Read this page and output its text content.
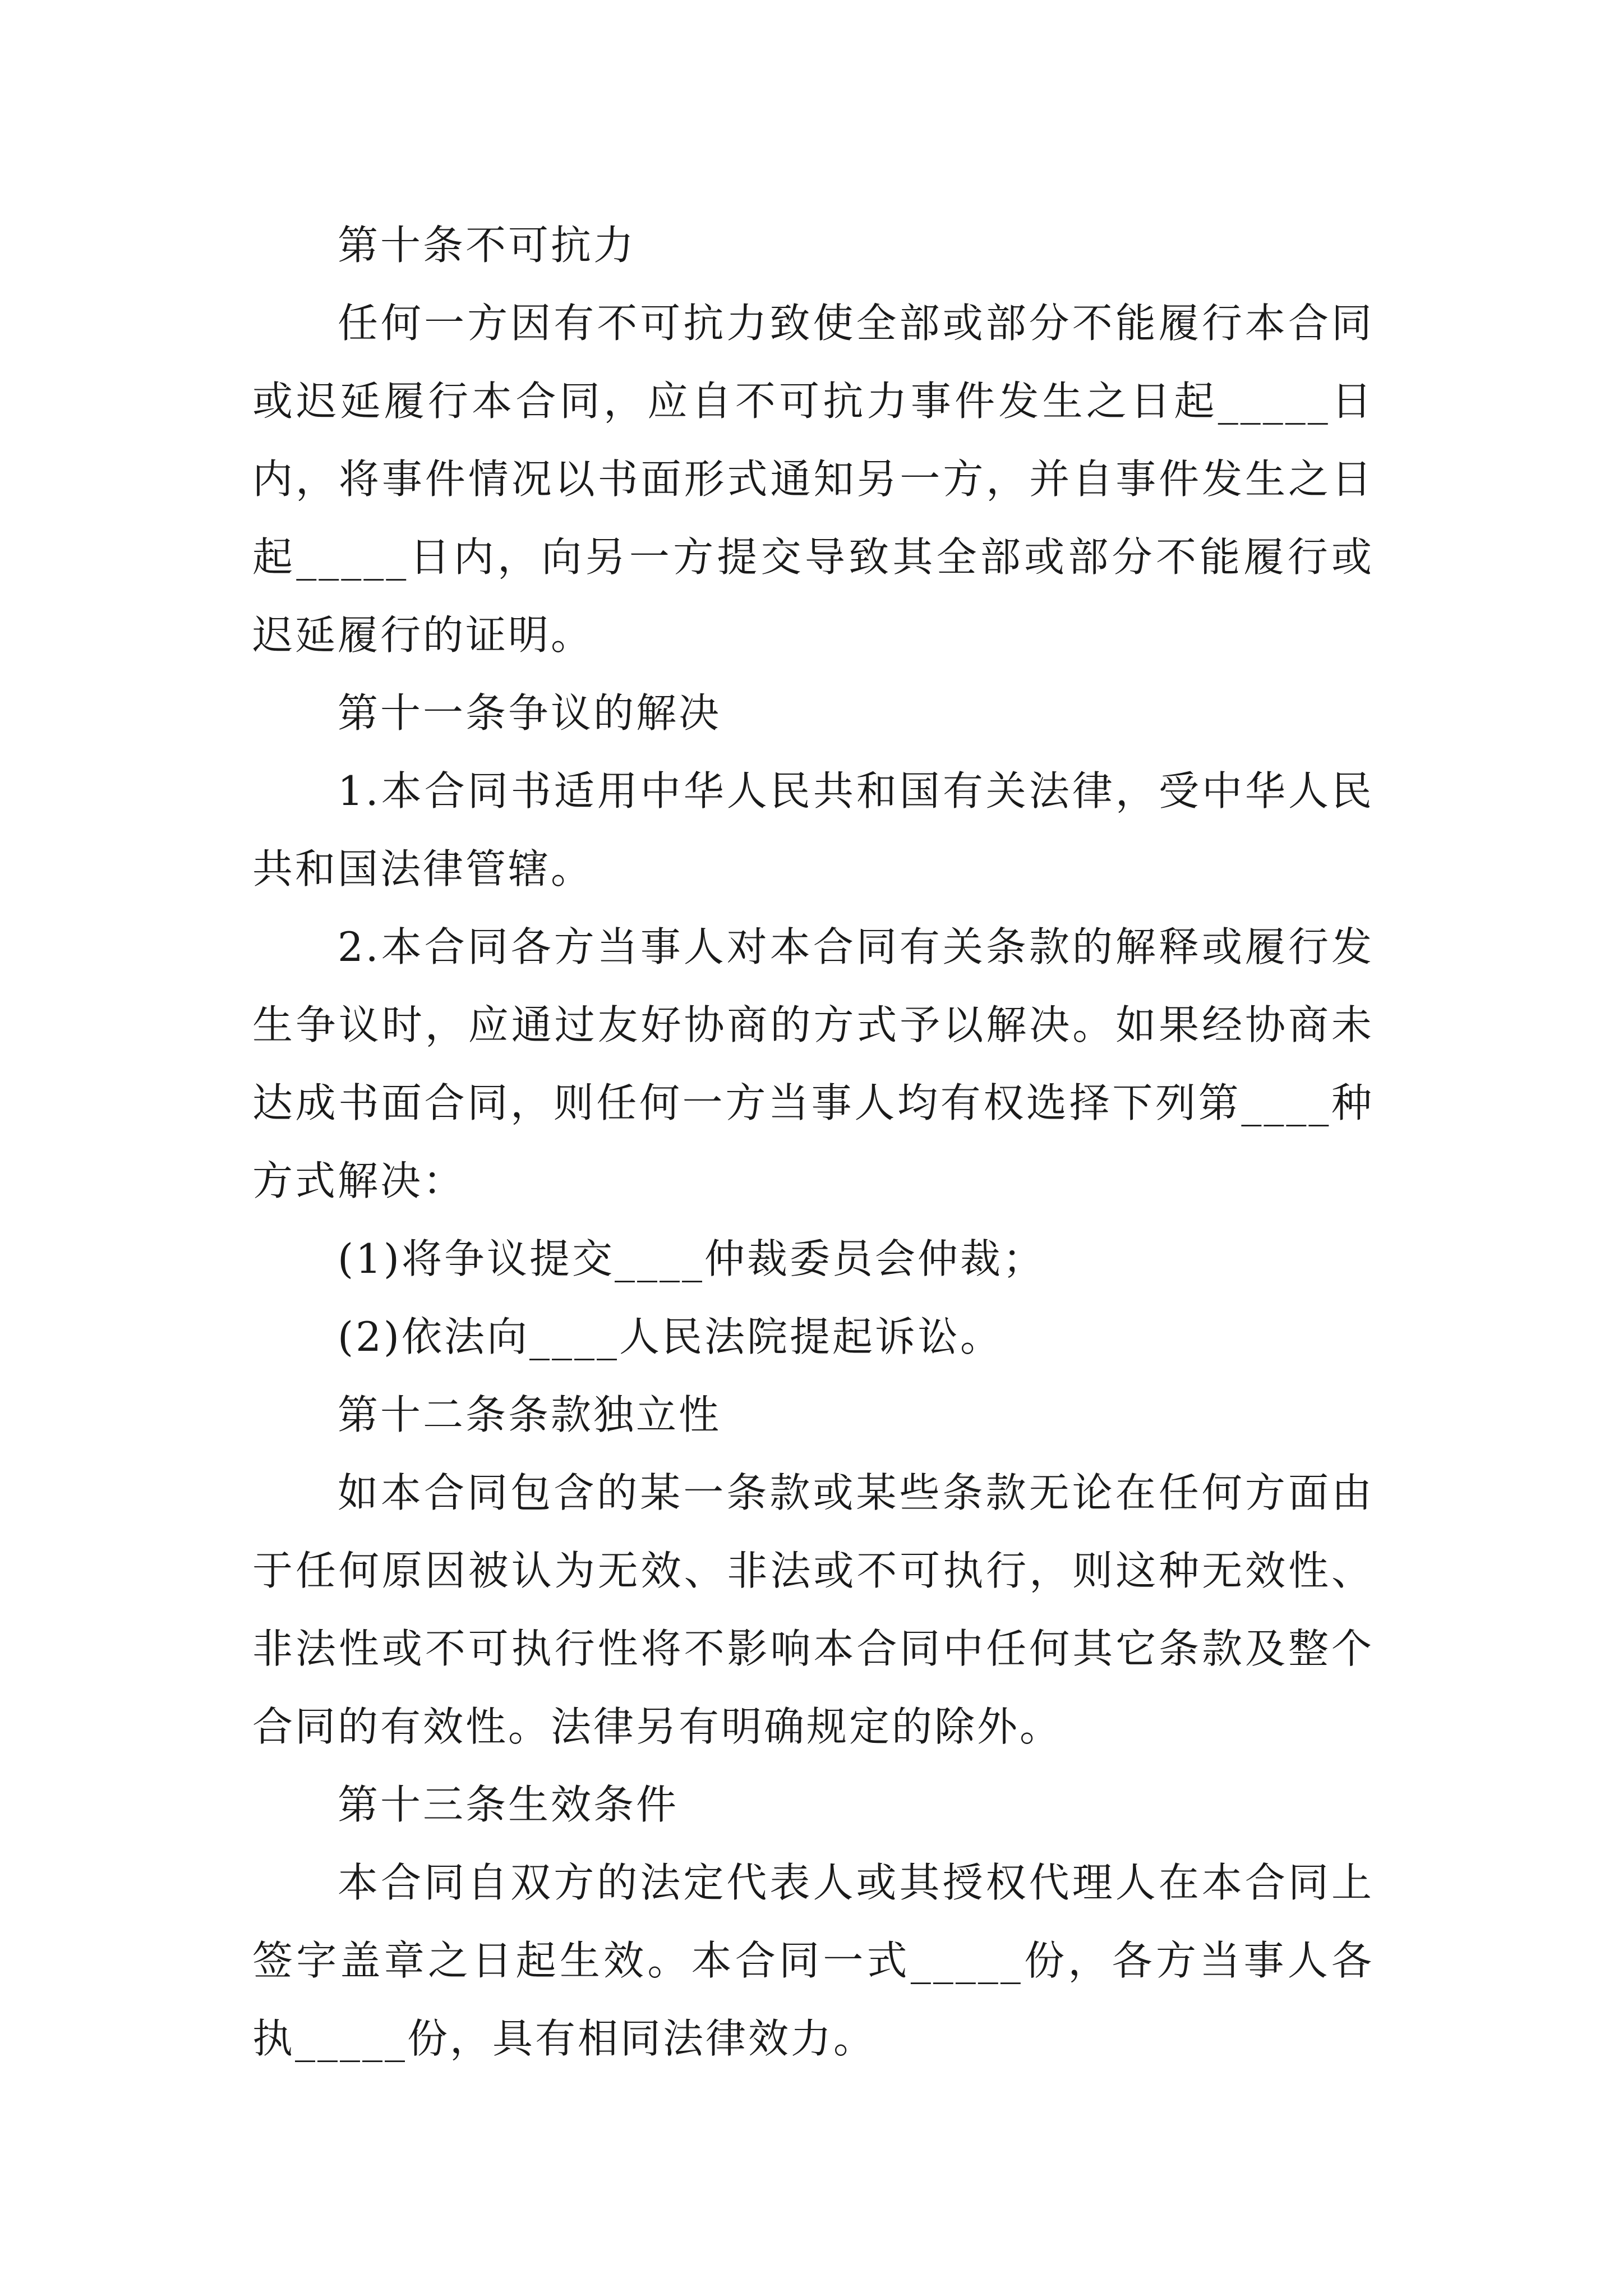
第十条不可抗力

任何一方因有不可抗力致使全部或部分不能履行本合同或迟延履行本合同，应自不可抗力事件发生之日起_____日内，将事件情况以书面形式通知另一方，并自事件发生之日起_____日内，向另一方提交导致其全部或部分不能履行或迟延履行的证明。

第十一条争议的解决

1.本合同书适用中华人民共和国有关法律，受中华人民共和国法律管辖。

2.本合同各方当事人对本合同有关条款的解释或履行发生争议时，应通过友好协商的方式予以解决。如果经协商未达成书面合同，则任何一方当事人均有权选择下列第____种方式解决：

(1)将争议提交____仲裁委员会仲裁；

(2)依法向____人民法院提起诉讼。

第十二条条款独立性

如本合同包含的某一条款或某些条款无论在任何方面由于任何原因被认为无效、非法或不可执行，则这种无效性、非法性或不可执行性将不影响本合同中任何其它条款及整个合同的有效性。法律另有明确规定的除外。

第十三条生效条件

本合同自双方的法定代表人或其授权代理人在本合同上签字盖章之日起生效。本合同一式_____份，各方当事人各执_____份，具有相同法律效力。
